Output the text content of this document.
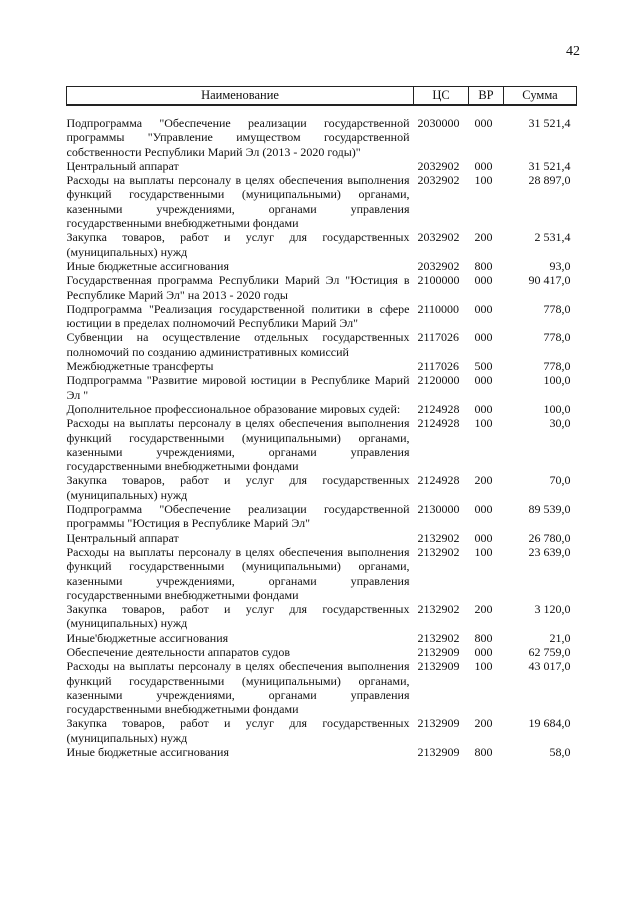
42
Наименование	ЦС	ВР	Сумма
Подпрограмма "Обеспечение реализации государственной программы "Управление имуществом государственной собственности Республики Марий Эл (2013 - 2020 годы)"	2030000	000	31 521,4
Центральный аппарат	2032902	000	31 521,4
Расходы на выплаты персоналу в целях обеспечения выполнения функций государственными (муниципальными) органами, казенными учреждениями, органами управления государственными внебюджетными фондами	2032902	100	28 897,0
Закупка товаров, работ и услуг для государственных (муниципальных) нужд	2032902	200	2 531,4
Иные бюджетные ассигнования	2032902	800	93,0
Государственная программа Республики Марий Эл "Юстиция в Республике Марий Эл" на 2013 - 2020 годы	2100000	000	90 417,0
Подпрограмма "Реализация государственной политики в сфере юстиции в пределах полномочий Республики Марий Эл"	2110000	000	778,0
Субвенции на осуществление отдельных государственных полномочий по созданию административных комиссий	2117026	000	778,0
Межбюджетные трансферты	2117026	500	778,0
Подпрограмма "Развитие мировой юстиции в Республике Марий Эл "	2120000	000	100,0
Дополнительное профессиональное образование мировых судей:	2124928	000	100,0
Расходы на выплаты персоналу в целях обеспечения выполнения функций государственными (муниципальными) органами, казенными учреждениями, органами управления государственными внебюджетными фондами	2124928	100	30,0
Закупка товаров, работ и услуг для государственных (муниципальных) нужд	2124928	200	70,0
Подпрограмма "Обеспечение реализации государственной программы "Юстиция в Республике Марий Эл"	2130000	000	89 539,0
Центральный аппарат	2132902	000	26 780,0
Расходы на выплаты персоналу в целях обеспечения выполнения функций государственными (муниципальными) органами, казенными учреждениями, органами управления государственными внебюджетными фондами	2132902	100	23 639,0
Закупка товаров, работ и услуг для государственных (муниципальных) нужд	2132902	200	3 120,0
Иные'бюджетные ассигнования	2132902	800	21,0
Обеспечение деятельности аппаратов судов	2132909	000	62 759,0
Расходы на выплаты персоналу в целях обеспечения выполнения функций государственными (муниципальными) органами, казенными учреждениями, органами управления государственными внебюджетными фондами	2132909	100	43 017,0
Закупка товаров, работ и услуг для государственных (муниципальных) нужд	2132909	200	19 684,0
Иные бюджетные ассигнования	2132909	800	58,0
